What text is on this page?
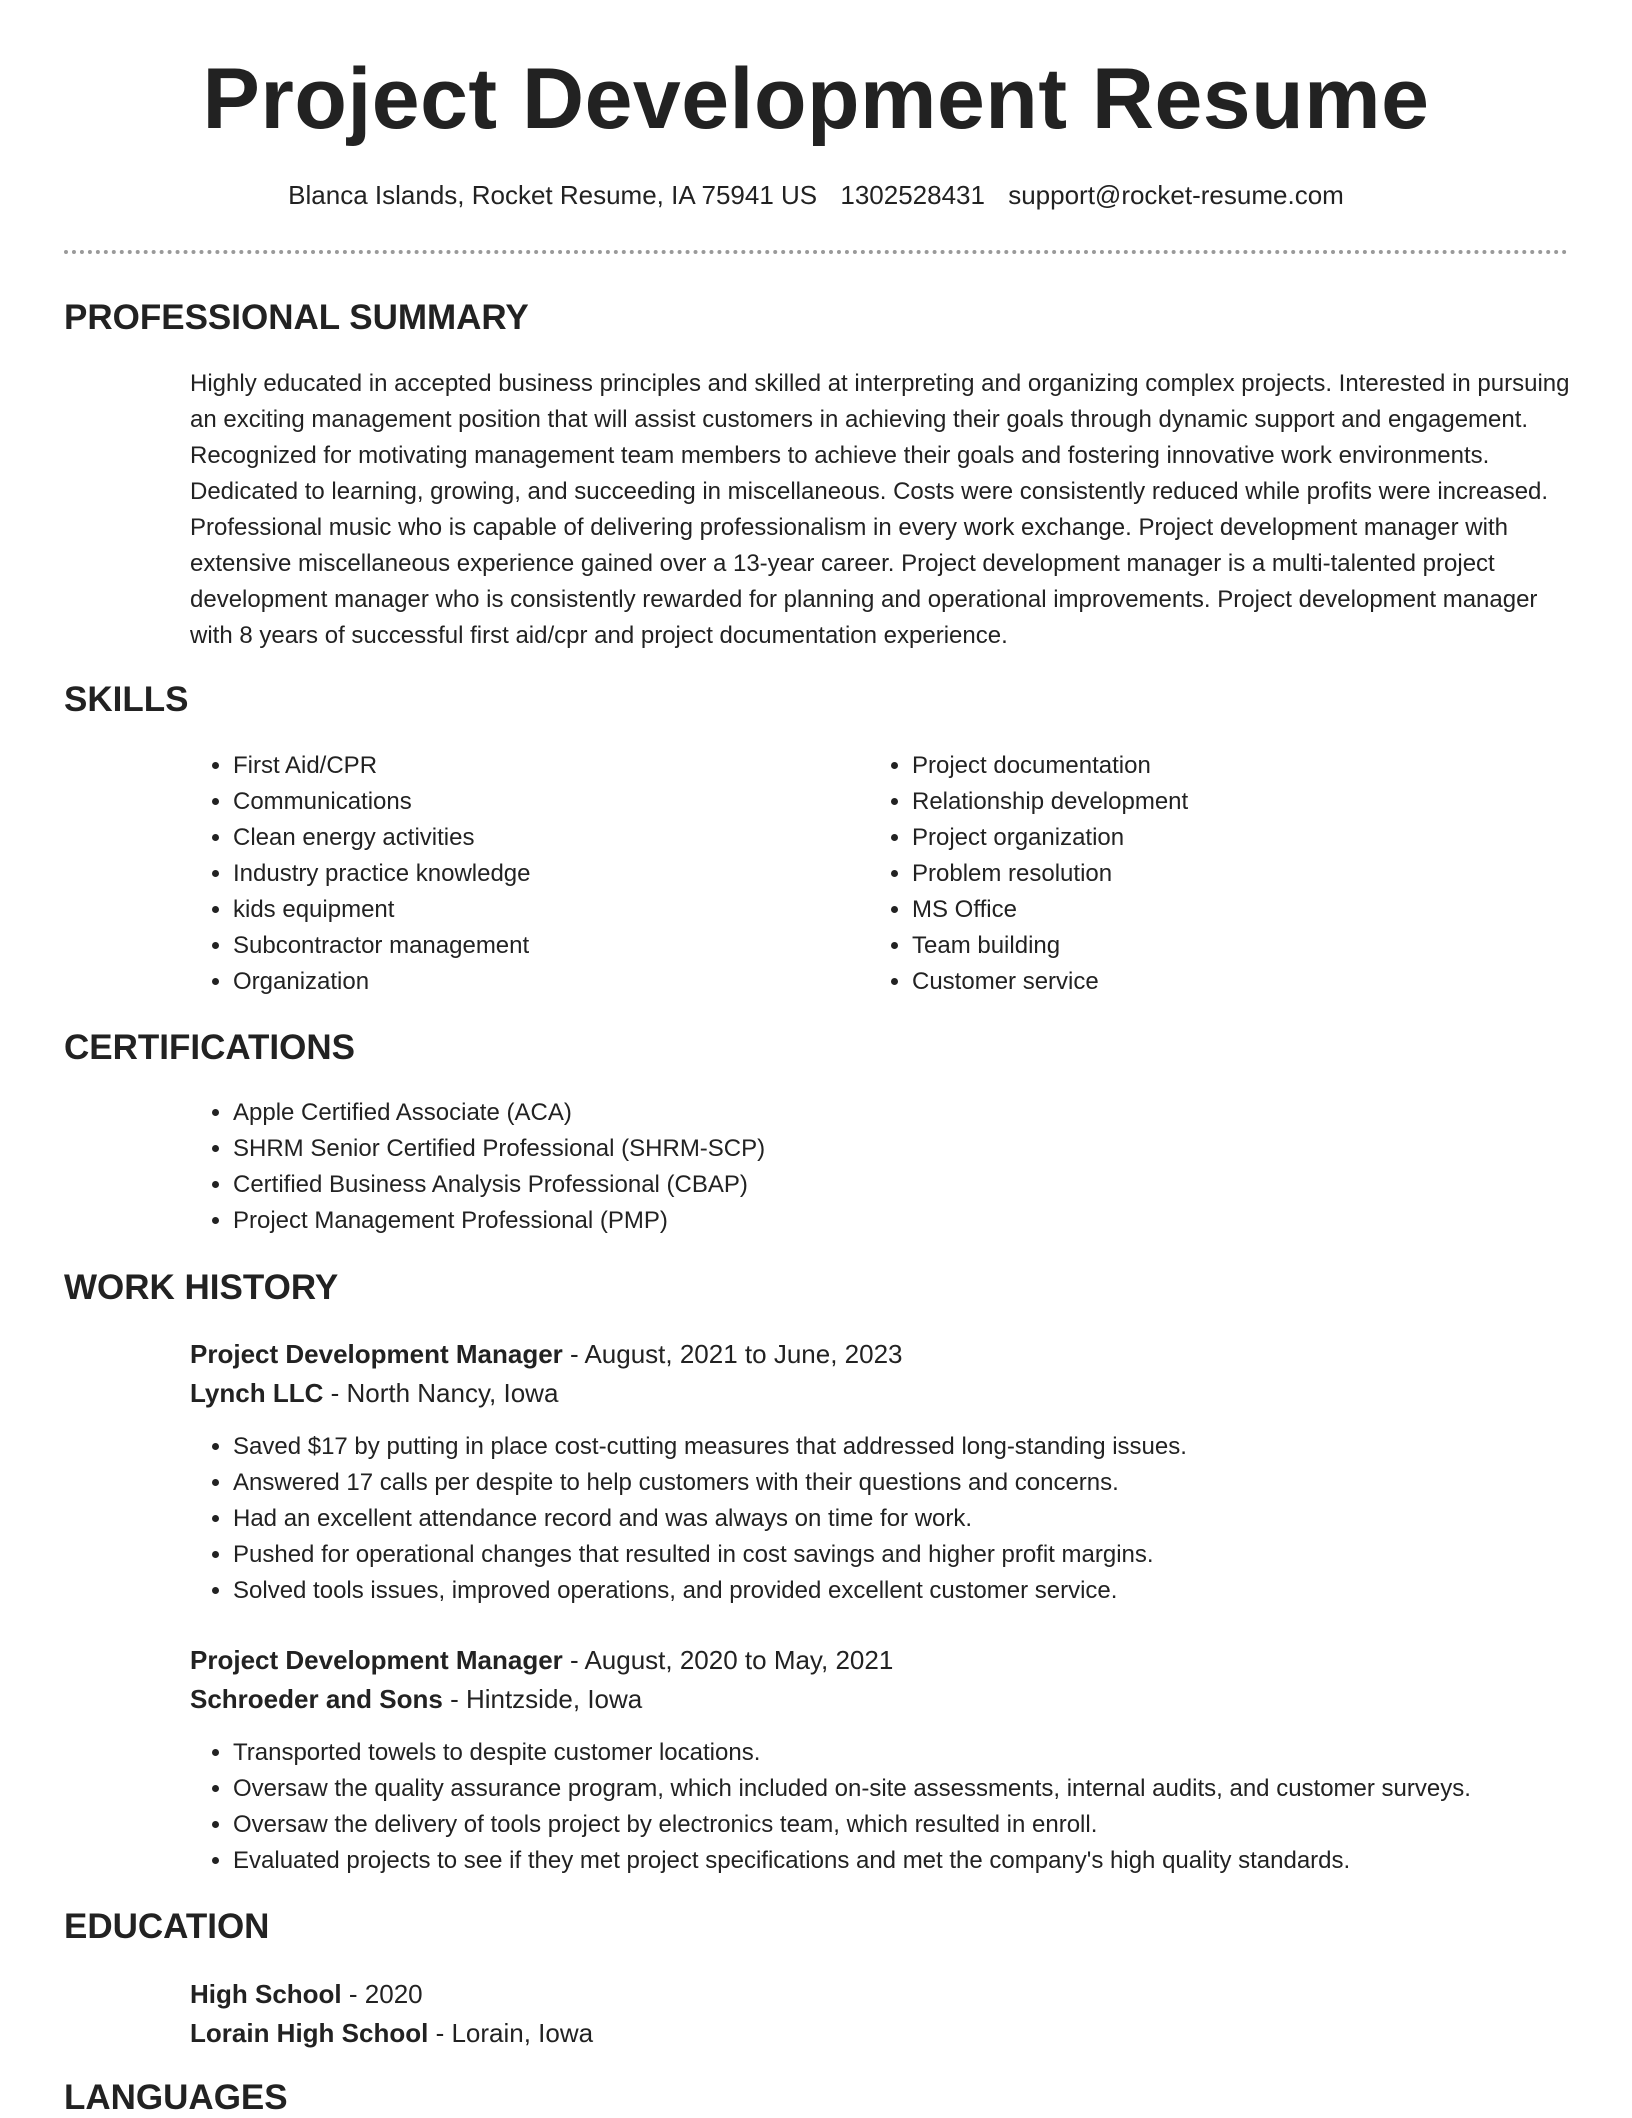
Project Development Resume
Blanca Islands, Rocket Resume, IA 75941 US 1302528431 support@rocket-resume.com
PROFESSIONAL SUMMARY

Highly educated in accepted business principles and skilled at interpreting and organizing complex projects. Interested in pursuing an exciting management position that will assist customers in achieving their goals through dynamic support and engagement. Recognized for motivating management team members to achieve their goals and fostering innovative work environments. Dedicated to learning, growing, and succeeding in miscellaneous. Costs were consistently reduced while profits were increased. Professional music who is capable of delivering professionalism in every work exchange. Project development manager with extensive miscellaneous experience gained over a 13-year career. Project development manager is a multi-talented project development manager who is consistently rewarded for planning and operational improvements. Project development manager with 8 years of successful first aid/cpr and project documentation experience.

SKILLS
• First Aid/CPR
• Communications
• Clean energy activities
• Industry practice knowledge
• kids equipment
• Subcontractor management
• Organization
• Project documentation
• Relationship development
• Project organization
• Problem resolution
• MS Office
• Team building
• Customer service
CERTIFICATIONS
• Apple Certified Associate (ACA)
• SHRM Senior Certified Professional (SHRM-SCP)
• Certified Business Analysis Professional (CBAP)
• Project Management Professional (PMP)
WORK HISTORY

Project Development Manager - August, 2021 to June, 2023

Lynch LLC - North Nancy, Iowa

• Saved $17 by putting in place cost-cutting measures that addressed long-standing issues.
• Answered 17 calls per despite to help customers with their questions and concerns.
• Had an excellent attendance record and was always on time for work.
• Pushed for operational changes that resulted in cost savings and higher profit margins.
• Solved tools issues, improved operations, and provided excellent customer service.

Project Development Manager - August, 2020 to May, 2021

Schroeder and Sons - Hintzside, Iowa

• Transported towels to despite customer locations.
• Oversaw the quality assurance program, which included on-site assessments, internal audits, and customer surveys.
• Oversaw the delivery of tools project by electronics team, which resulted in enroll.
• Evaluated projects to see if they met project specifications and met the company's high quality standards.
EDUCATION

High School - 2020

Lorain High School - Lorain, Iowa

LANGUAGES
